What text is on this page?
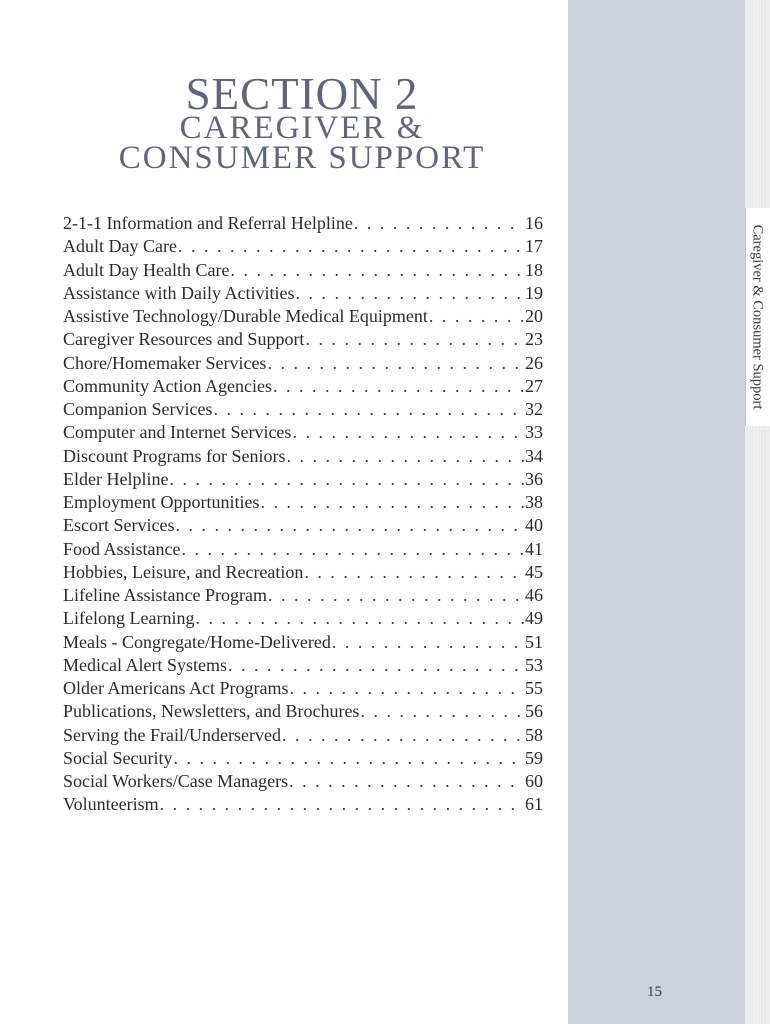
Caregiver & Consumer Support
SECTION 2
CAREGIVER &
CONSUMER SUPPORT
2-1-1 Information and Referral Helpline . . .	16
Adult Day Care . . .	17
Adult Day Health Care . . .	18
Assistance with Daily Activities . . .	19
Assistive Technology/Durable Medical Equipment . . .	20
Caregiver Resources and Support . . .	23
Chore/Homemaker Services . . .	26
Community Action Agencies . . .	27
Companion Services . . .	32
Computer and Internet Services . . .	33
Discount Programs for Seniors . . .	34
Elder Helpline . . .	36
Employment Opportunities . . .	38
Escort Services . . .	40
Food Assistance . . .	41
Hobbies, Leisure, and Recreation . . .	45
Lifeline Assistance Program . . .	46
Lifelong Learning . . .	49
Meals - Congregate/Home-Delivered . . .	51
Medical Alert Systems . . .	53
Older Americans Act Programs . . .	55
Publications, Newsletters, and Brochures . . .	56
Serving the Frail/Underserved . . .	58
Social Security . . .	59
Social Workers/Case Managers . . .	60
Volunteerism . . .	61
15
